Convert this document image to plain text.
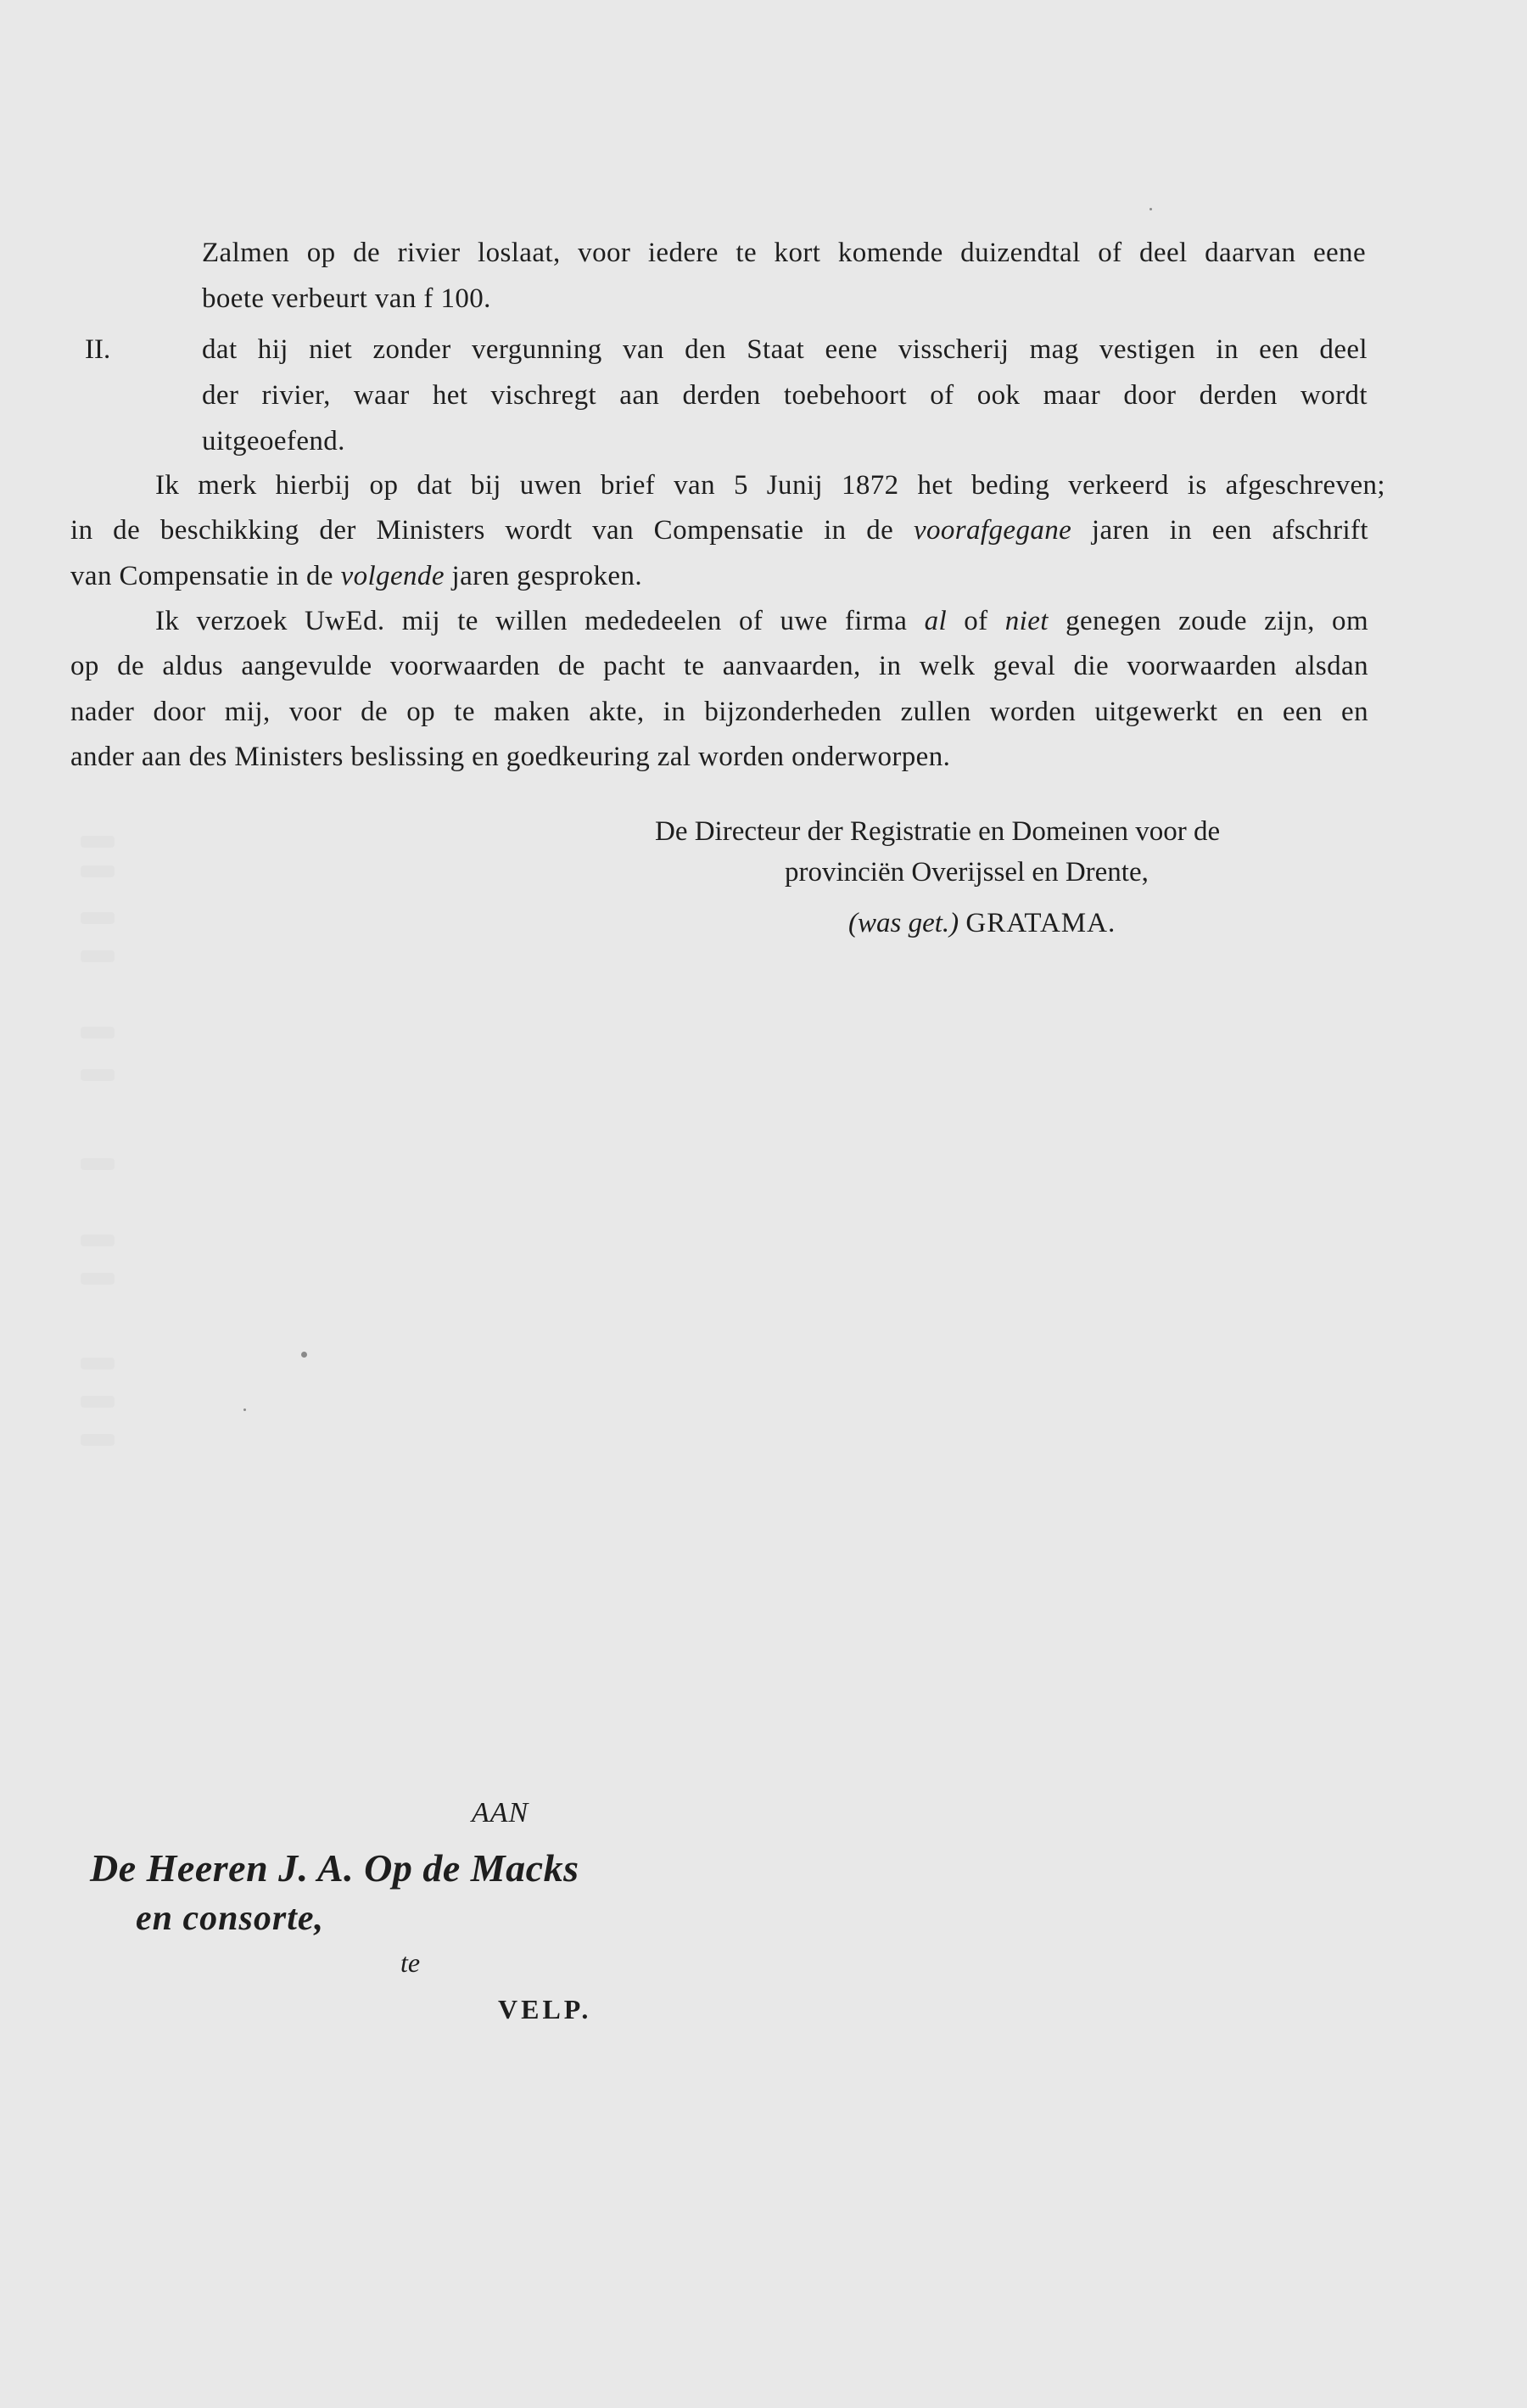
Zalmen op de rivier loslaat, voor iedere te kort komende duizendtal of deel daarvan eene
boete verbeurt van f 100.
II.	dat hij niet zonder vergunning van den Staat eene visscherij mag vestigen in een deel
der rivier, waar het vischregt aan derden toebehoort of ook maar door derden wordt
uitgeoefend.
Ik merk hierbij op dat bij uwen brief van 5 Junij 1872 het beding verkeerd is afgeschreven;
in de beschikking der Ministers wordt van Compensatie in de voorafgegane jaren in een afschrift
van Compensatie in de volgende jaren gesproken.
Ik verzoek UwEd. mij te willen mededeelen of uwe firma al of niet genegen zoude zijn, om
op de aldus aangevulde voorwaarden de pacht te aanvaarden, in welk geval die voorwaarden alsdan
nader door mij, voor de op te maken akte, in bijzonderheden zullen worden uitgewerkt en een en
ander aan des Ministers beslissing en goedkeuring zal worden onderworpen.
De Directeur der Registratie en Domeinen voor de
provinciën Overijssel en Drente,
(was get.) GRATAMA.
AAN
De Heeren J. A. Op de Macks
en consorte,
te
VELP.
